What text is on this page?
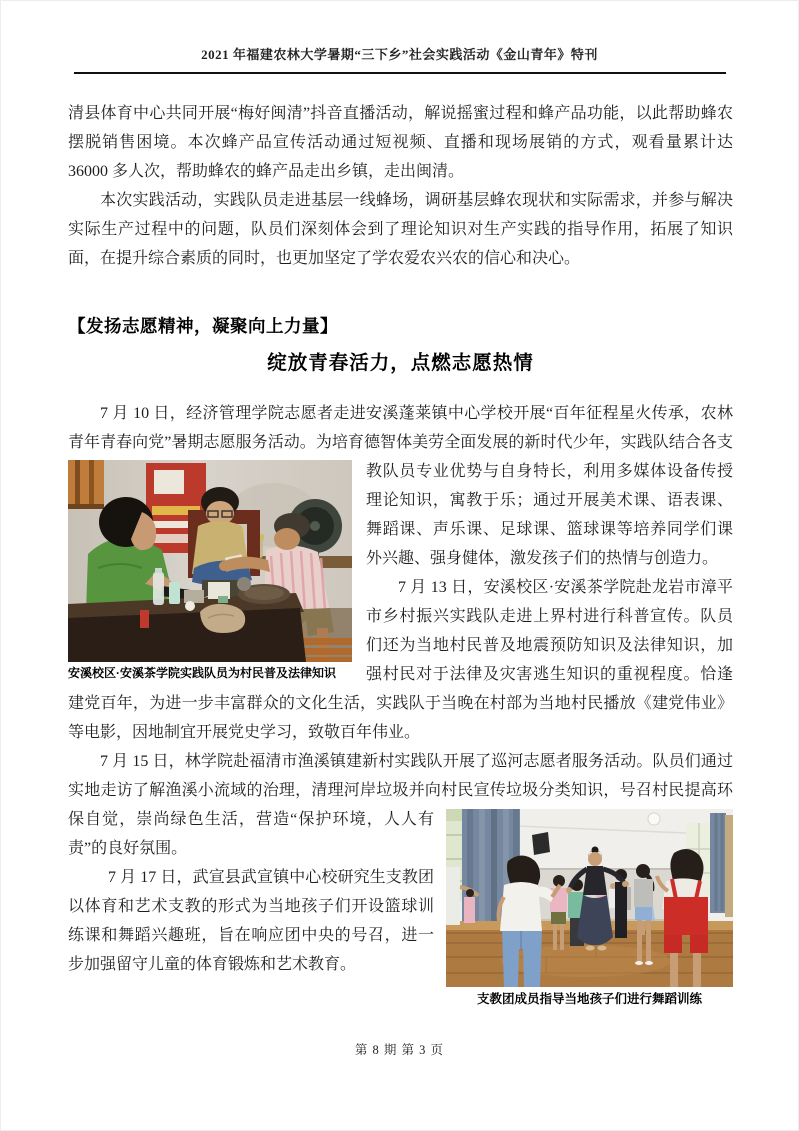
2021 年福建农林大学暑期“三下乡”社会实践活动《金山青年》特刊
清县体育中心共同开展“梅好闽清”抖音直播活动，解说摇蜜过程和蜂产品功能，以此帮助蜂农摆脱销售困境。本次蜂产品宣传活动通过短视频、直播和现场展销的方式，观看量累计达 36000 多人次，帮助蜂农的蜂产品走出乡镇，走出闽清。
本次实践活动，实践队员走进基层一线蜂场，调研基层蜂农现状和实际需求，并参与解决实际生产过程中的问题，队员们深刻体会到了理论知识对生产实践的指导作用，拓展了知识面，在提升综合素质的同时，也更加坚定了学农爱农兴农的信心和决心。
【发扬志愿精神，凝聚向上力量】
绽放青春活力，点燃志愿热情
7 月 10 日，经济管理学院志愿者走进安溪蓬莱镇中心学校开展“百年征程星火传承，农林青年青春向党”暑期志愿服务活动。为培育德智体美劳全面发展的新时代少年，实践队结
安溪校区·安溪茶学院实践队员为村民普及法律知识
合各支教队员专业优势与自身特长，利用多媒体设备传授理论知识，寓教于乐；通过开展美术课、语表课、舞蹈课、声乐课、足球课、篮球课等培养同学们课外兴趣、强身健体，激发孩子们的热情与创造力。
7 月 13 日，安溪校区·安溪茶学院赴龙岩市漳平市乡村振兴实践队走进上界村进行科普宣传。队员们还为当地村民普及地震预防知识及法律知识，加强村民对于法律及灾害逃生知识的重视程度。恰逢建党百年，为进一步丰富群众的文化生活，实践队于当晚在村部为当地村民播放《建党伟业》等电影，因地制宜开展党史学习，致敬百年伟业。
7 月 15 日，林学院赴福清市渔溪镇建新村实践队开展了巡河志愿者服务活动。队员们通过实地走访了解渔溪小流域的治理，清理河岸垃圾并向村民宣传垃圾分类知识，号召村民提高
支教团成员指导当地孩子们进行舞蹈训练
环保自觉，崇尚绿色生活，营造“保护环境，人人有责”的良好氛围。
7 月 17 日，武宣县武宣镇中心校研究生支教团以体育和艺术支教的形式为当地孩子们开设篮球训练课和舞蹈兴趣班，旨在响应团中央的号召，进一步加强留守儿童的体育锻炼和艺术教育。
第 8 期 第 3 页
